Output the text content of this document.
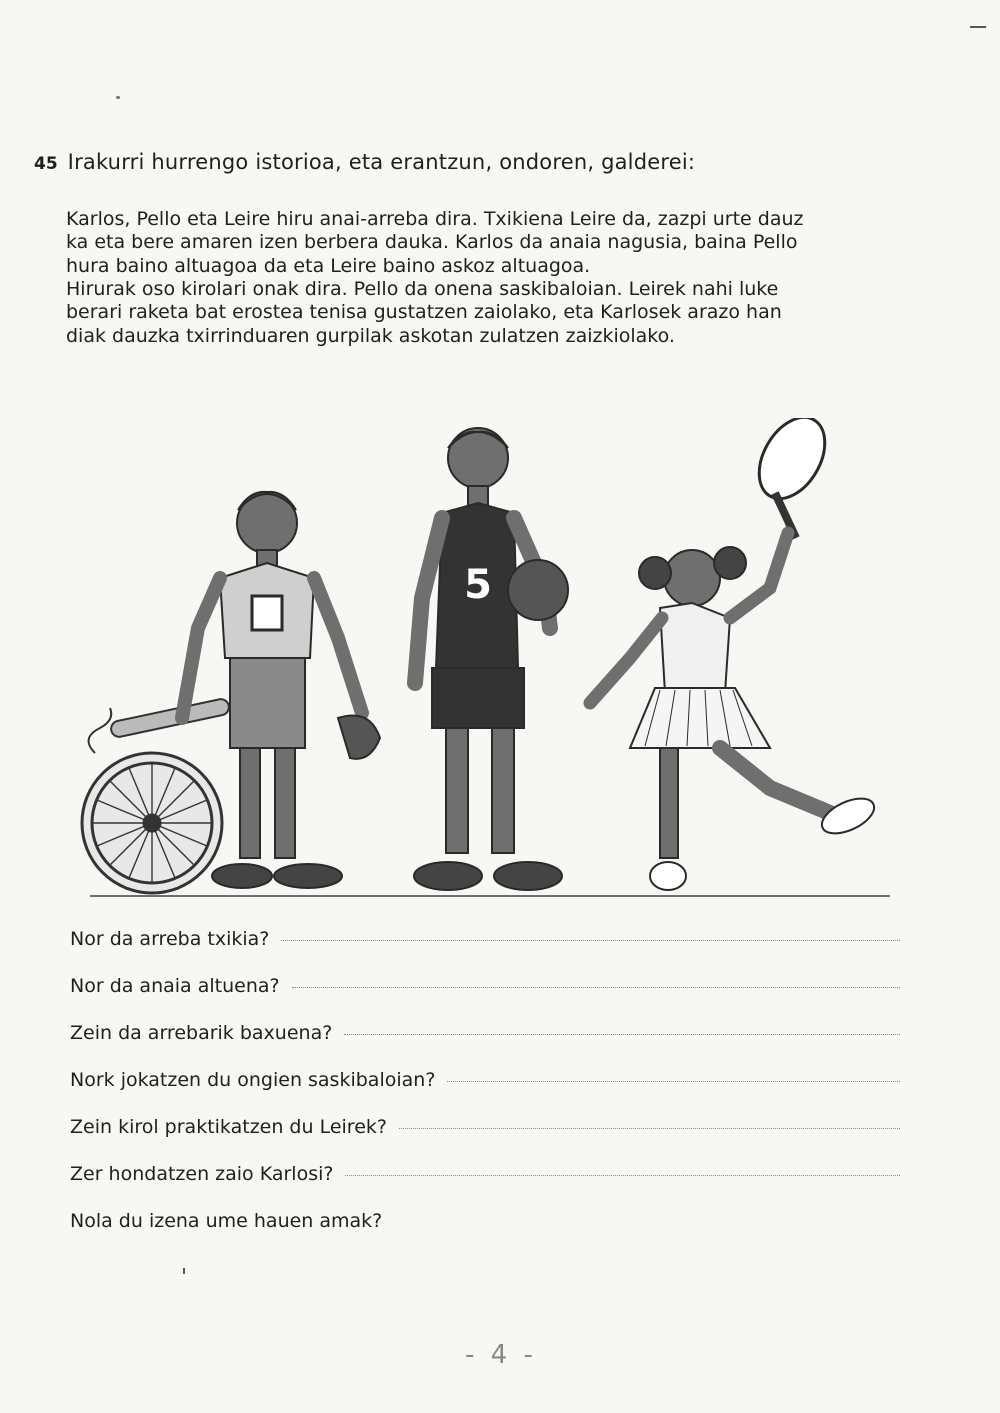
45 Irakurri hurrengo istorioa, eta erantzun, ondoren, galderei:
Karlos, Pello eta Leire hiru anai-arreba dira. Txikiena Leire da, zazpi urte dauz
ka eta bere amaren izen berbera dauka. Karlos da anaia nagusia, baina Pello
hura baino altuagoa da eta Leire baino askoz altuagoa.
Hirurak oso kirolari onak dira. Pello da onena saskibaloian. Leirek nahi luke
berari raketa bat erostea tenisa gustatzen zaiolako, eta Karlosek arazo han
diak dauzka txirrinduaren gurpilak askotan zulatzen zaizkiolako.
5
Nor da arreba txikia?
Nor da anaia altuena?
Zein da arrebarik baxuena?
Nork jokatzen du ongien saskibaloian?
Zein kirol praktikatzen du Leirek?
Zer hondatzen zaio Karlosi?
Nola du izena ume hauen amak?
- 4 -
